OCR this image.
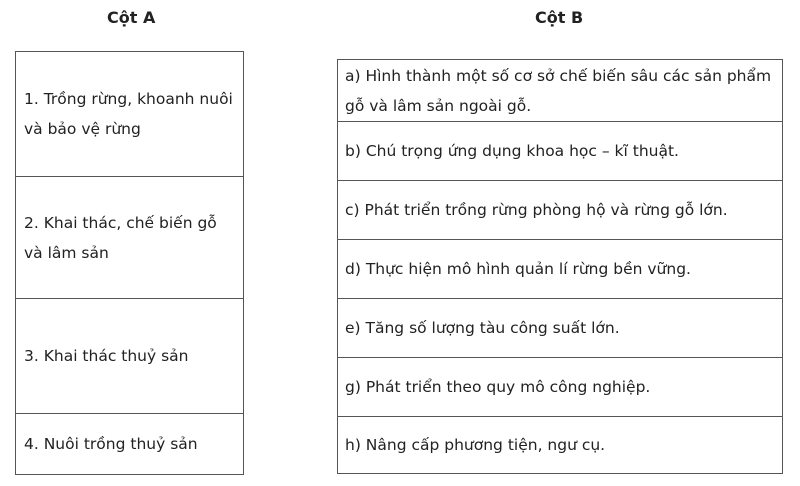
Cột A	Cột B
1. Trồng rừng, khoanh nuôi và bảo vệ rừng
2. Khai thác, chế biến gỗ và lâm sản
3. Khai thác thuỷ sản
4. Nuôi trồng thuỷ sản
a) Hình thành một số cơ sở chế biến sâu các sản phẩm gỗ và lâm sản ngoài gỗ.
b) Chú trọng ứng dụng khoa học – kĩ thuật.
c) Phát triển trồng rừng phòng hộ và rừng gỗ lớn.
d) Thực hiện mô hình quản lí rừng bền vững.
e) Tăng số lượng tàu công suất lớn.
g) Phát triển theo quy mô công nghiệp.
h) Nâng cấp phương tiện, ngư cụ.
